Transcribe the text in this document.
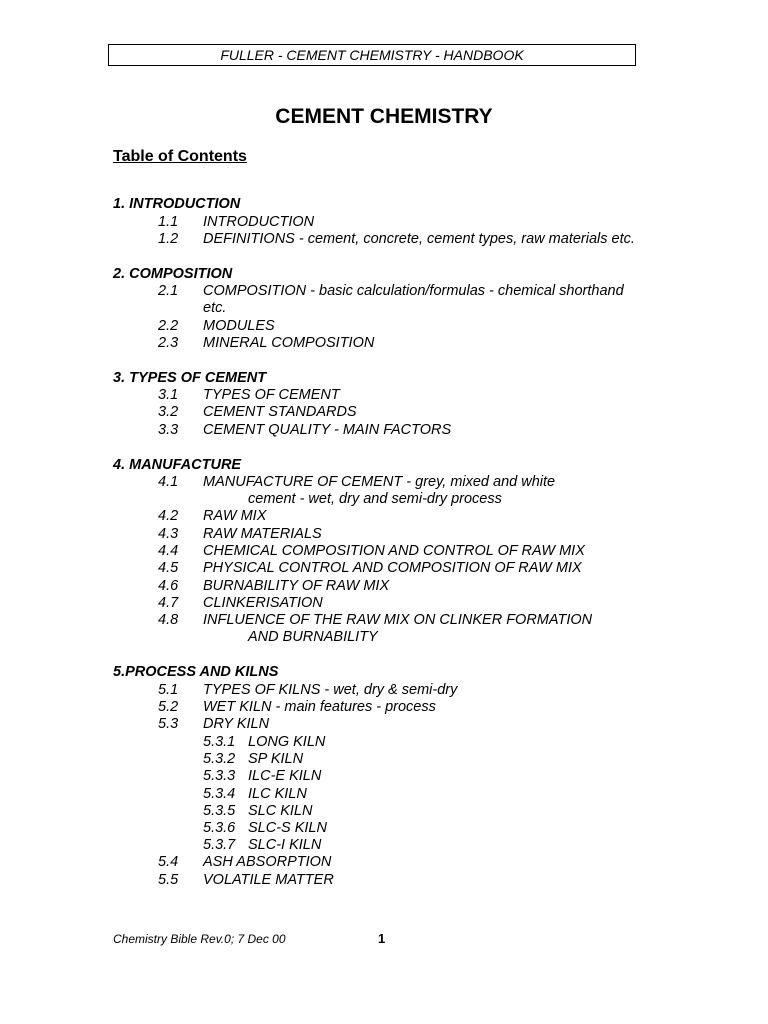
FULLER - CEMENT CHEMISTRY - HANDBOOK
CEMENT CHEMISTRY
Table of Contents
1. INTRODUCTION
1.1 INTRODUCTION
1.2 DEFINITIONS - cement, concrete, cement types, raw materials etc.
2. COMPOSITION
2.1 COMPOSITION - basic calculation/formulas - chemical shorthand
etc.
2.2 MODULES
2.3 MINERAL COMPOSITION
3. TYPES OF CEMENT
3.1 TYPES OF CEMENT
3.2 CEMENT STANDARDS
3.3 CEMENT QUALITY - MAIN FACTORS
4. MANUFACTURE
4.1 MANUFACTURE OF CEMENT - grey, mixed and white
cement - wet, dry and semi-dry process
4.2 RAW MIX
4.3 RAW MATERIALS
4.4 CHEMICAL COMPOSITION AND CONTROL OF RAW MIX
4.5 PHYSICAL CONTROL AND COMPOSITION OF RAW MIX
4.6 BURNABILITY OF RAW MIX
4.7 CLINKERISATION
4.8 INFLUENCE OF THE RAW MIX ON CLINKER FORMATION
AND BURNABILITY
5.PROCESS AND KILNS
5.1 TYPES OF KILNS - wet, dry & semi-dry
5.2 WET KILN - main features - process
5.3 DRY KILN
5.3.1 LONG KILN
5.3.2 SP KILN
5.3.3 ILC-E KILN
5.3.4 ILC KILN
5.3.5 SLC KILN
5.3.6 SLC-S KILN
5.3.7 SLC-I KILN
5.4 ASH ABSORPTION
5.5 VOLATILE MATTER
Chemistry Bible Rev.0; 7 Dec 00	1
